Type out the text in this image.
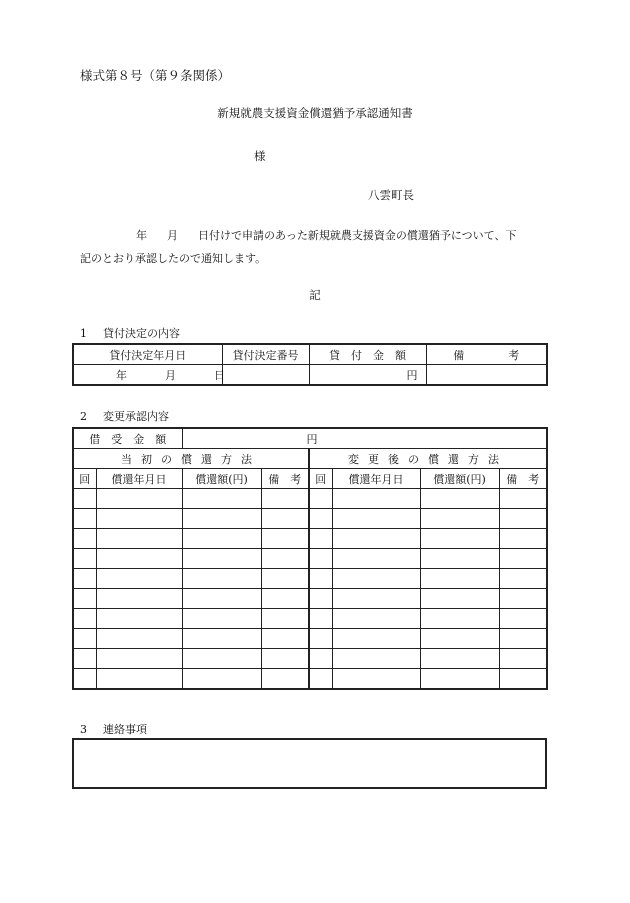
様式第８号（第９条関係）
新規就農支援資金償還猶予承認通知書
様
八雲町長
年 月 日付けで申請のあった新規就農支援資金の償還猶予について、下
記のとおり承認したので通知します。
記
1 貸付決定の内容
貸付決定年月日	貸付決定番号	貸　付　金　額	備　　　　考
年 月 日		円	
2 変更承認内容
借　受　金　額		円					
当初の償還方法				変更後の償還方法			
回	償還年月日	償還額(円)	備　考	回	償還年月日	償還額(円)	備　考

3 連絡事項
